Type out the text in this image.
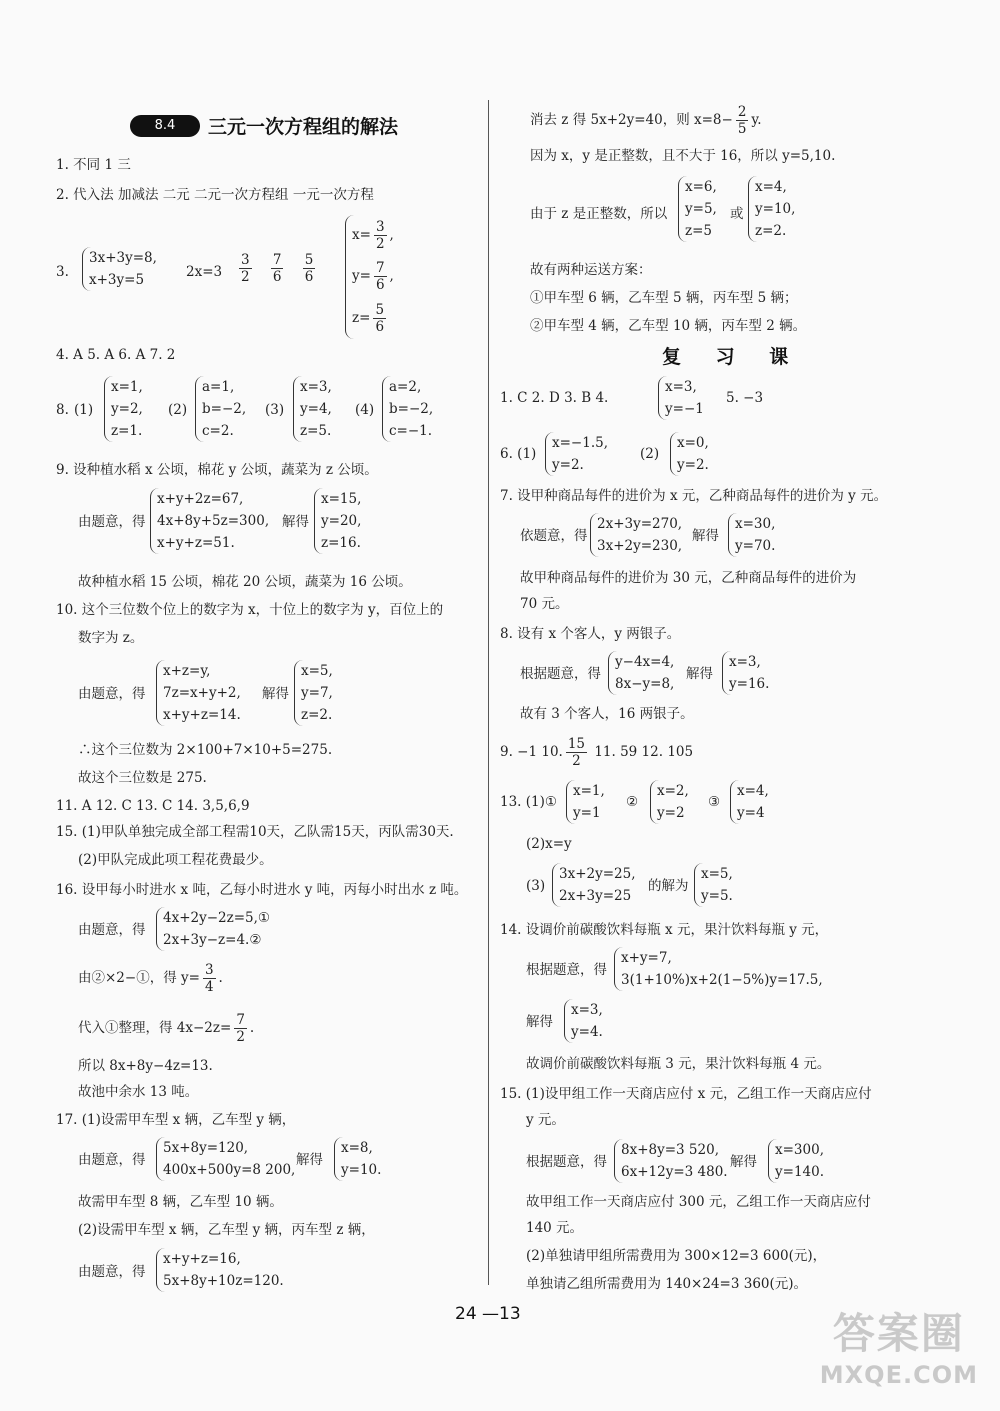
8.4	三元一次方程组的解法
1. 不同 1 三
2. 代入法 加减法 二元 二元一次方程组 一元一次方程
3.
3x+3y=8,
x+3y=5	$2x=3 \frac{3}{2}$
$\frac{7}{6}$
$\frac{5}{6}$
$x= \frac{3}{2}$ ,
$y= \frac{7}{6}$ ,
$z= \frac{5}{6}$
4. A 5. A 6. A 7. 2
8. (1)
x=1,
y=2,
z=1.
(2)
a=1,
b=−2,
c=2.
(3)
x=3,
y=4,
z=5.
(4)
a=2,
b=−2,
c=−1.
9. 设种植水稻 x 公顷，棉花 y 公顷，蔬菜为 z 公顷。
由题意，得
x+y+2z=67,
4x+8y+5z=300,
x+y+z=51.
解得
x=15,
y=20,
z=16.
故种植水稻 15 公顷，棉花 20 公顷，蔬菜为 16 公顷。
10. 这个三位数个位上的数字为 x，十位上的数字为 y，百位上的
数字为 z。
由题意，得
x+z=y,
7z=x+y+2,
x+y+z=14.
解得
x=5,
y=7,
z=2.
∴这个三位数为 2×100+7×10+5=275.
故这个三位数是 275.
11. A 12. C 13. C 14. 3,5,6,9
15. (1)甲队单独完成全部工程需10天，乙队需15天，丙队需30天.
(2)甲队完成此项工程花费最少。
16. 设甲每小时进水 x 吨，乙每小时进水 y 吨，丙每小时出水 z 吨。
由题意，得
4x+2y−2z=5,①
2x+3y−z=4.②
由②×2−①，得 $y= \frac{3}{4}$ .
代入①整理，得 $4x-2z= \frac{7}{2}$ .
所以 8x+8y−4z=13.
故池中余水 13 吨。
17. (1)设需甲车型 x 辆，乙车型 y 辆，
由题意，得
5x+8y=120,
400x+500y=8 200,
解得
x=8,
y=10.
故需甲车型 8 辆，乙车型 10 辆。
(2)设需甲车型 x 辆，乙车型 y 辆，丙车型 z 辆，
由题意，得
x+y+z=16,
5x+8y+10z=120.
消去 z 得 5x+2y=40，则 $x=8- \frac{2}{5} y$.
因为 x，y 是正整数，且不大于 16，所以 y=5,10.
由于 z 是正整数，所以
x=6,
y=5,
z=5
或
x=4,
y=10,
z=2.
故有两种运送方案：
①甲车型 6 辆，乙车型 5 辆，丙车型 5 辆；
②甲车型 4 辆，乙车型 10 辆，丙车型 2 辆。
复 习 课
1. C 2. D 3. B 4.
x=3,
y=−1
5. −3
6. (1)
x=−1.5,
y=2.
(2)
x=0,
y=2.
7. 设甲种商品每件的进价为 x 元，乙种商品每件的进价为 y 元。
依题意，得
2x+3y=270,
3x+2y=230,
解得
x=30,
y=70.
故甲种商品每件的进价为 30 元，乙种商品每件的进价为
70 元。
8. 设有 x 个客人，y 两银子。
根据题意，得
y−4x=4,
8x−y=8,
解得
x=3,
y=16.
故有 3 个客人，16 两银子。
9. −1 10. $\frac{15}{2} 11$. 59 12. 105
13. (1)①
x=1,
y=1
②
x=2,
y=2
③
x=4,
y=4
(2)x=y
(3)
3x+2y=25,
2x+3y=25
的解为
x=5,
y=5.
14. 设调价前碳酸饮料每瓶 x 元，果汁饮料每瓶 y 元，
根据题意，得
x+y=7,
3(1+10%)x+2(1−5%)y=17.5,
解得
x=3,
y=4.
故调价前碳酸饮料每瓶 3 元，果汁饮料每瓶 4 元。
15. (1)设甲组工作一天商店应付 x 元，乙组工作一天商店应付
y 元。
根据题意，得
8x+8y=3 520,
6x+12y=3 480.
解得
x=300,
y=140.
故甲组工作一天商店应付 300 元，乙组工作一天商店应付
140 元。
(2)单独请甲组所需费用为 300×12=3 600(元)，
单独请乙组所需费用为 140×24=3 360(元)。
24 —13	答案圈
MXQE.COM
